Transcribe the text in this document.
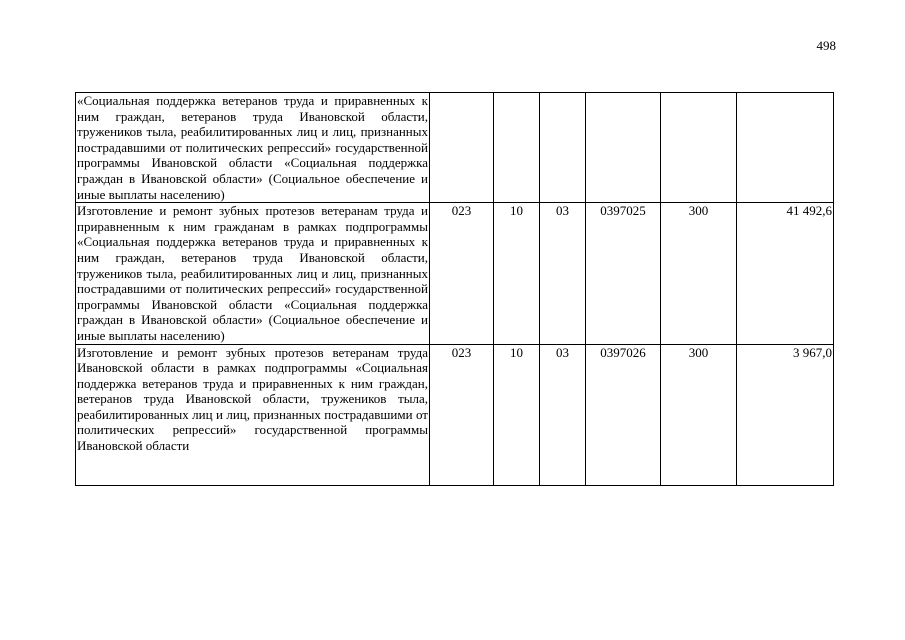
498
«Социальная поддержка ветеранов труда и приравненных к ним граждан, ветеранов труда Ивановской области, тружеников тыла, реабилитированных лиц и лиц, признанных пострадавшими от политических репрессий» государственной программы Ивановской области «Социальная поддержка граждан в Ивановской области» (Социальное обеспечение и иные выплаты населению)						
Изготовление и ремонт зубных протезов ветеранам труда и приравненным к ним гражданам в рамках подпрограммы «Социальная поддержка ветеранов труда и приравненных к ним граждан, ветеранов труда Ивановской области, тружеников тыла, реабилитированных лиц и лиц, признанных пострадавшими от политических репрессий» государственной программы Ивановской области «Социальная поддержка граждан в Ивановской области» (Социальное обеспечение и иные выплаты населению)	023	10	03	0397025	300	41 492,6

Изготовление и ремонт зубных протезов ветеранам труда Ивановской области в рамках подпрограммы «Социальная поддержка ветеранов труда и приравненных к ним граждан, ветеранов труда Ивановской области, тружеников тыла, реабилитированных лиц и лиц, признанных пострадавшими от политических репрессий» государственной программы Ивановской области	023	10	03	0397026	300	3 967,0
